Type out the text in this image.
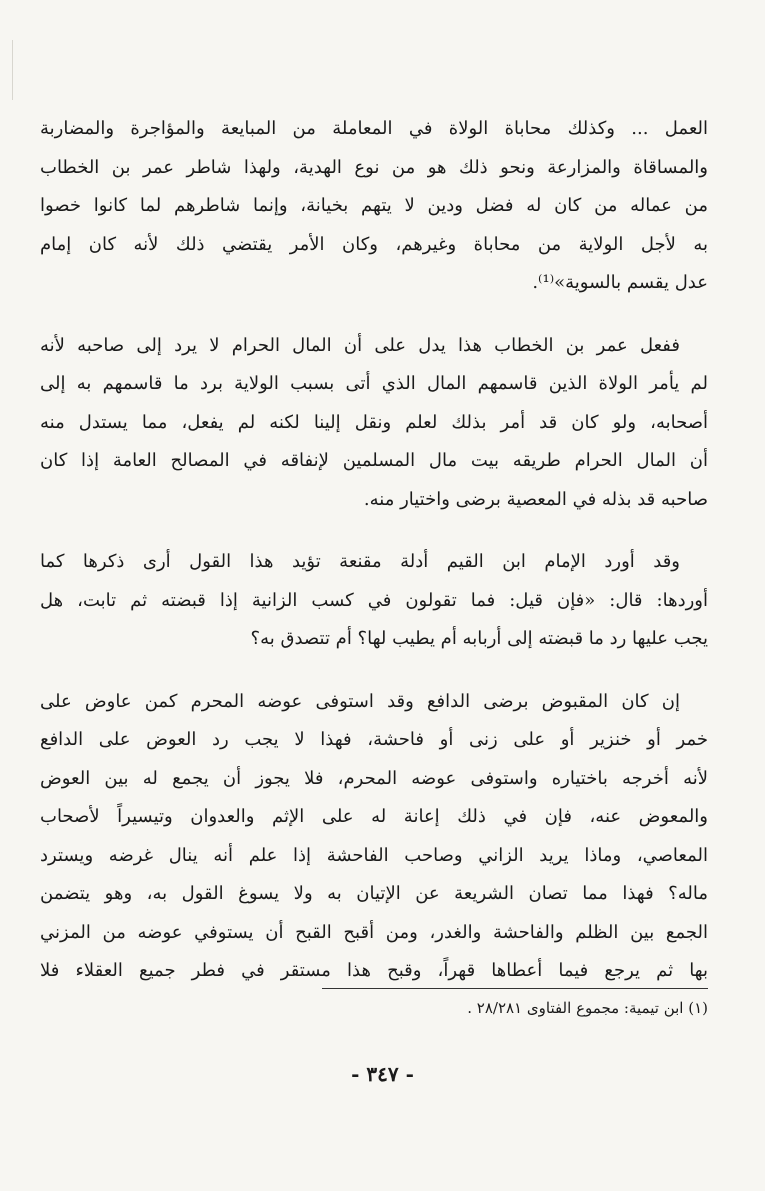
العمل ... وكذلك محاباة الولاة في المعاملة من المبايعة والمؤاجرة والمضاربة
والمساقاة والمزارعة ونحو ذلك هو من نوع الهدية، ولهذا شاطر عمر بن الخطاب
من عماله من كان له فضل ودين لا يتهم بخيانة، وإنما شاطرهم لما كانوا خصوا
به لأجل الولاية من محاباة وغيرهم، وكان الأمر يقتضي ذلك لأنه كان إمام
عدل يقسم بالسوية»⁽¹⁾.

ففعل عمر بن الخطاب هذا يدل على أن المال الحرام لا يرد إلى صاحبه لأنه
لم يأمر الولاة الذين قاسمهم المال الذي أتى بسبب الولاية برد ما قاسمهم به إلى
أصحابه، ولو كان قد أمر بذلك لعلم ونقل إلينا لكنه لم يفعل، مما يستدل منه
أن المال الحرام طريقه بيت مال المسلمين لإنفاقه في المصالح العامة إذا كان
صاحبه قد بذله في المعصية برضى واختيار منه.

وقد أورد الإمام ابن القيم أدلة مقنعة تؤيد هذا القول أرى ذكرها كما
أوردها: قال: «فإن قيل: فما تقولون في كسب الزانية إذا قبضته ثم تابت، هل
يجب عليها رد ما قبضته إلى أربابه أم يطيب لها؟ أم تتصدق به؟

إن كان المقبوض برضى الدافع وقد استوفى عوضه المحرم كمن عاوض على
خمر أو خنزير أو على زنى أو فاحشة، فهذا لا يجب رد العوض على الدافع
لأنه أخرجه باختياره واستوفى عوضه المحرم، فلا يجوز أن يجمع له بين العوض
والمعوض عنه، فإن في ذلك إعانة له على الإثم والعدوان وتيسيراً لأصحاب
المعاصي، وماذا يريد الزاني وصاحب الفاحشة إذا علم أنه ينال غرضه ويسترد
ماله؟ فهذا مما تصان الشريعة عن الإتيان به ولا يسوغ القول به، وهو يتضمن
الجمع بين الظلم والفاحشة والغدر، ومن أقبح القبح أن يستوفي عوضه من المزني
بها ثم يرجع فيما أعطاها قهراً، وقبح هذا مستقر في فطر جميع العقلاء فلا

(١) ابن تيمية: مجموع الفتاوى ٢٨/٢٨١ .
- ٣٤٧ -
